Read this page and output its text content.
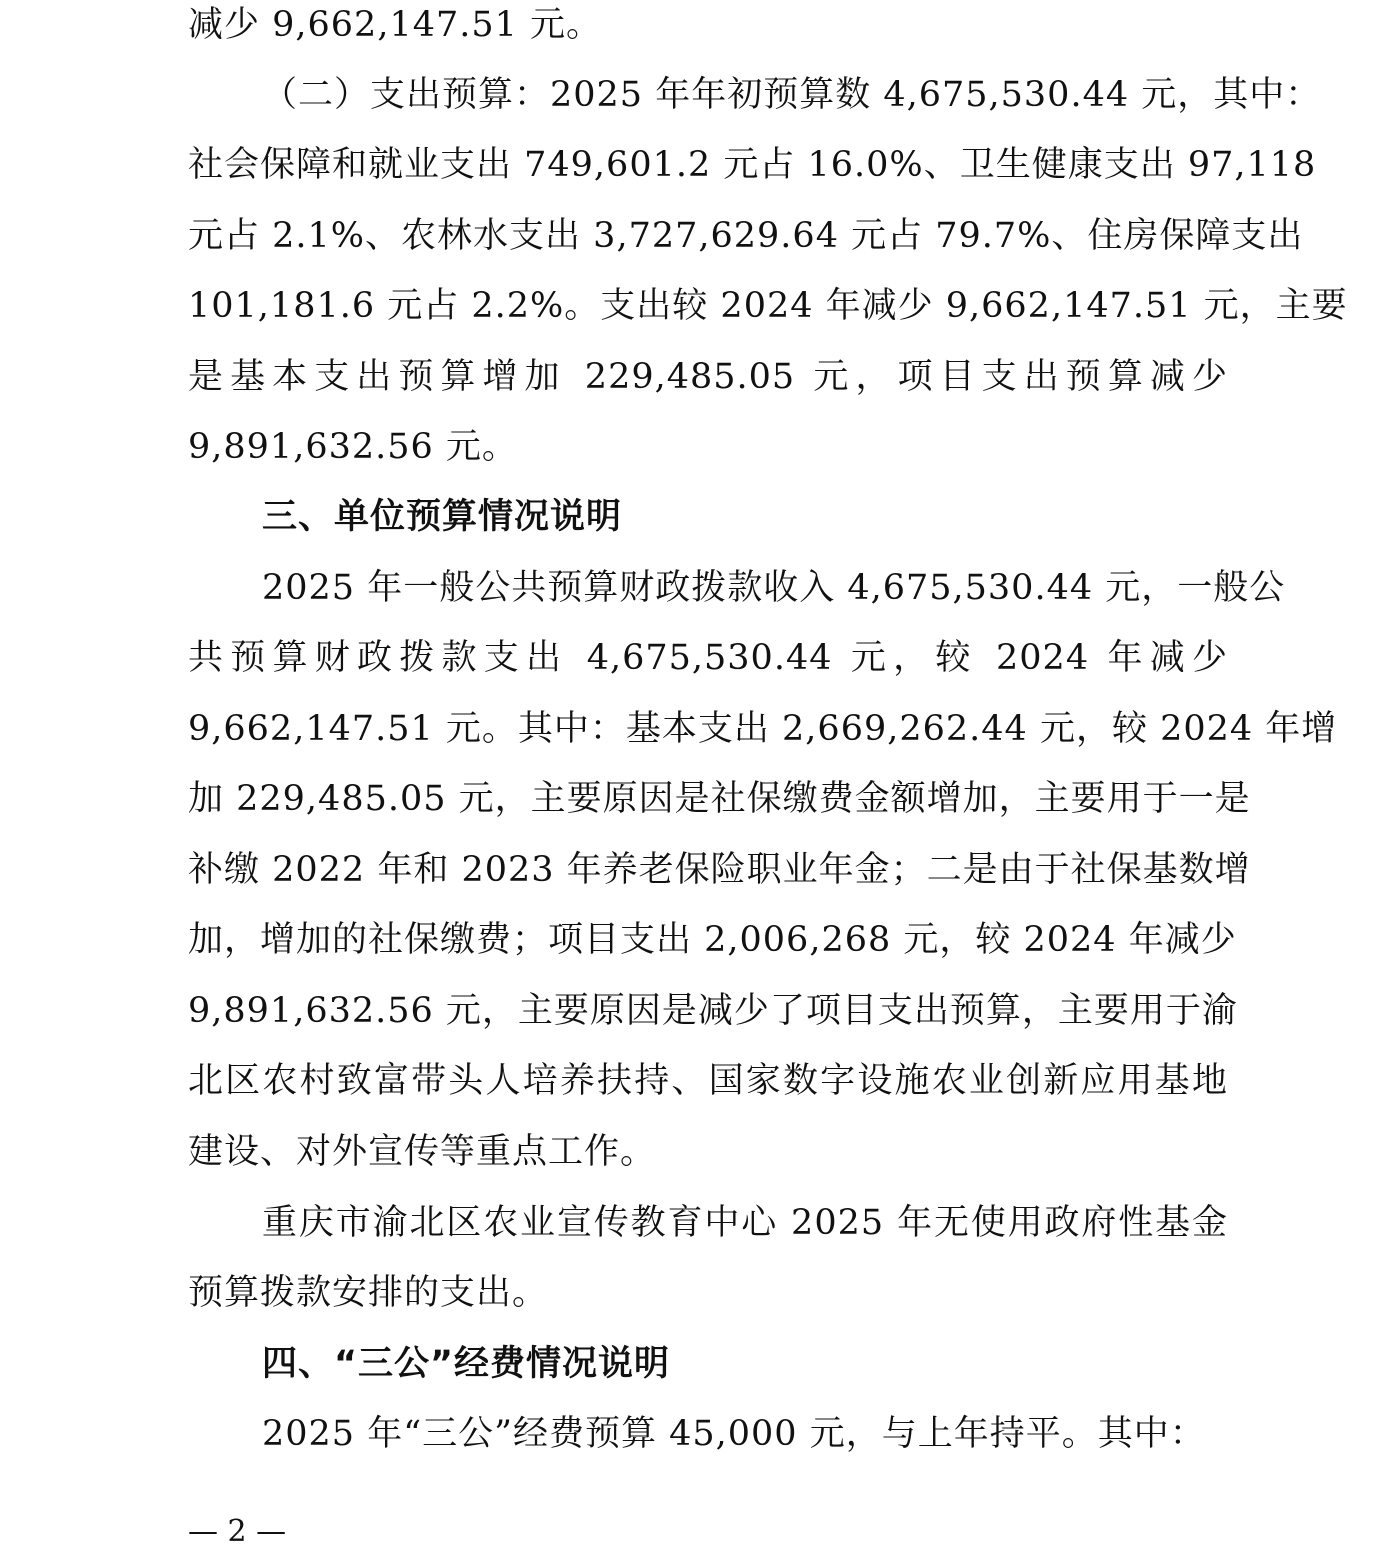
减少 9,662,147.51 元。
（二）支出预算：2025 年年初预算数 4,675,530.44 元，其中：
社会保障和就业支出 749,601.2 元占 16.0%、卫生健康支出 97,118
元占 2.1%、农林水支出 3,727,629.64 元占 79.7%、住房保障支出
101,181.6 元占 2.2%。支出较 2024 年减少 9,662,147.51 元，主要
是基本支出预算增加 229,485.05 元，项目支出预算减少
9,891,632.56 元。
三、单位预算情况说明
2025 年一般公共预算财政拨款收入 4,675,530.44 元，一般公
共预算财政拨款支出 4,675,530.44 元，较 2024 年减少
9,662,147.51 元。其中：基本支出 2,669,262.44 元，较 2024 年增
加 229,485.05 元，主要原因是社保缴费金额增加，主要用于一是
补缴 2022 年和 2023 年养老保险职业年金；二是由于社保基数增
加，增加的社保缴费；项目支出 2,006,268 元，较 2024 年减少
9,891,632.56 元，主要原因是减少了项目支出预算，主要用于渝
北区农村致富带头人培养扶持、国家数字设施农业创新应用基地
建设、对外宣传等重点工作。
重庆市渝北区农业宣传教育中心 2025 年无使用政府性基金
预算拨款安排的支出。
四、“三公”经费情况说明
2025 年“三公”经费预算 45,000 元，与上年持平。其中：
— 2 —
